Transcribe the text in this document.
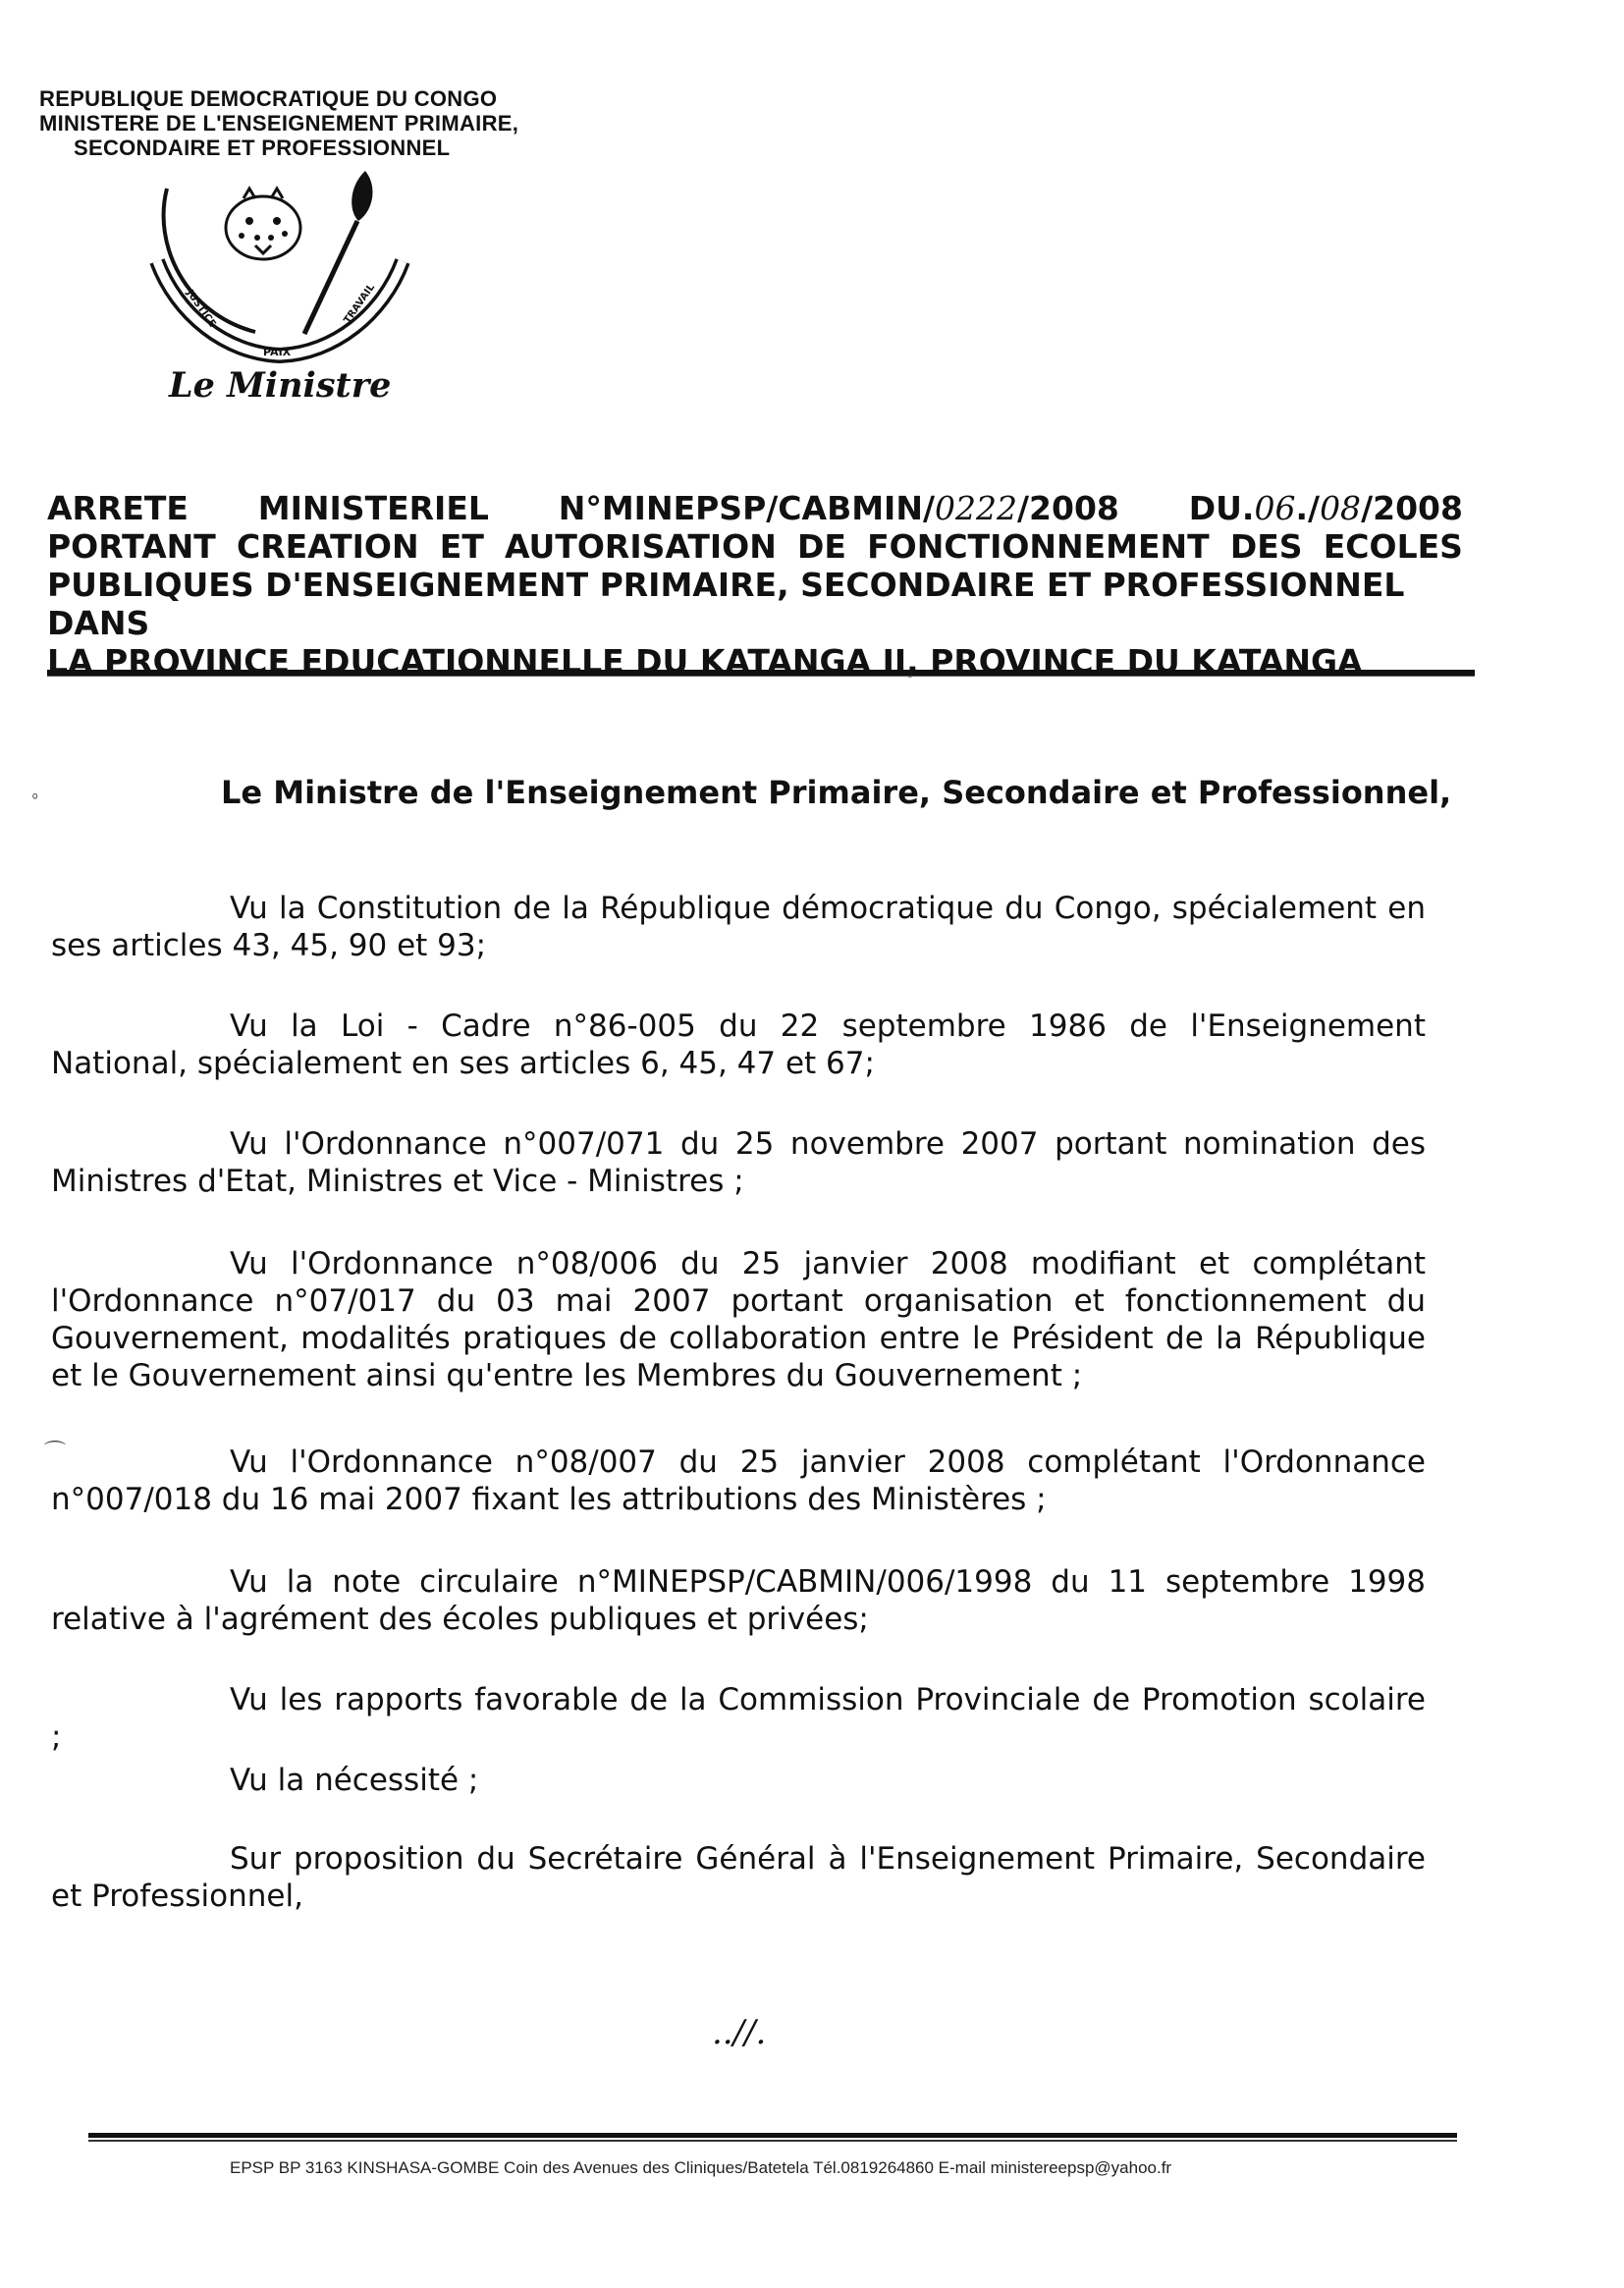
REPUBLIQUE DEMOCRATIQUE DU CONGO
MINISTERE DE L'ENSEIGNEMENT PRIMAIRE,
SECONDAIRE ET PROFESSIONNEL
JUSTICE
PAIX
TRAVAIL
Le Ministre
ARRETE MINISTERIEL N°MINEPSP/CABMIN/ 0222 /2008 DU. 06 ./ 08 /2008
PORTANT CREATION ET AUTORISATION DE FONCTIONNEMENT DES ECOLES
PUBLIQUES D'ENSEIGNEMENT PRIMAIRE, SECONDAIRE ET PROFESSIONNEL DANS
LA PROVINCE EDUCATIONNELLE DU KATANGA II, PROVINCE DU KATANGA
ﾟ	Le Ministre de l'Enseignement Primaire, Secondaire et Professionnel,
Vu la Constitution de la République démocratique du Congo, spécialement en ses articles 43, 45, 90 et 93;
Vu la Loi - Cadre n°86-005 du 22 septembre 1986 de l'Enseignement National, spécialement en ses articles 6, 45, 47 et 67;
Vu l'Ordonnance n°007/071 du 25 novembre 2007 portant nomination des Ministres d'Etat, Ministres et Vice - Ministres ;
Vu l'Ordonnance n°08/006 du 25 janvier 2008 modifiant et complétant l'Ordonnance n°07/017 du 03 mai 2007 portant organisation et fonctionnement du Gouvernement, modalités pratiques de collaboration entre le Président de la République et le Gouvernement ainsi qu'entre les Membres du Gouvernement ;
⌒	Vu l'Ordonnance n°08/007 du 25 janvier 2008 complétant l'Ordonnance n°007/018 du 16 mai 2007 fixant les attributions des Ministères ;
Vu la note circulaire n°MINEPSP/CABMIN/006/1998 du 11 septembre 1998 relative à l'agrément des écoles publiques et privées;
Vu les rapports favorable de la Commission Provinciale de Promotion scolaire ;
Vu la nécessité ;
Sur proposition du Secrétaire Général à l'Enseignement Primaire, Secondaire et Professionnel,
..//.
EPSP BP 3163 KINSHASA-GOMBE Coin des Avenues des Cliniques/Batetela Tél.0819264860 E-mail ministereepsp@yahoo.fr
